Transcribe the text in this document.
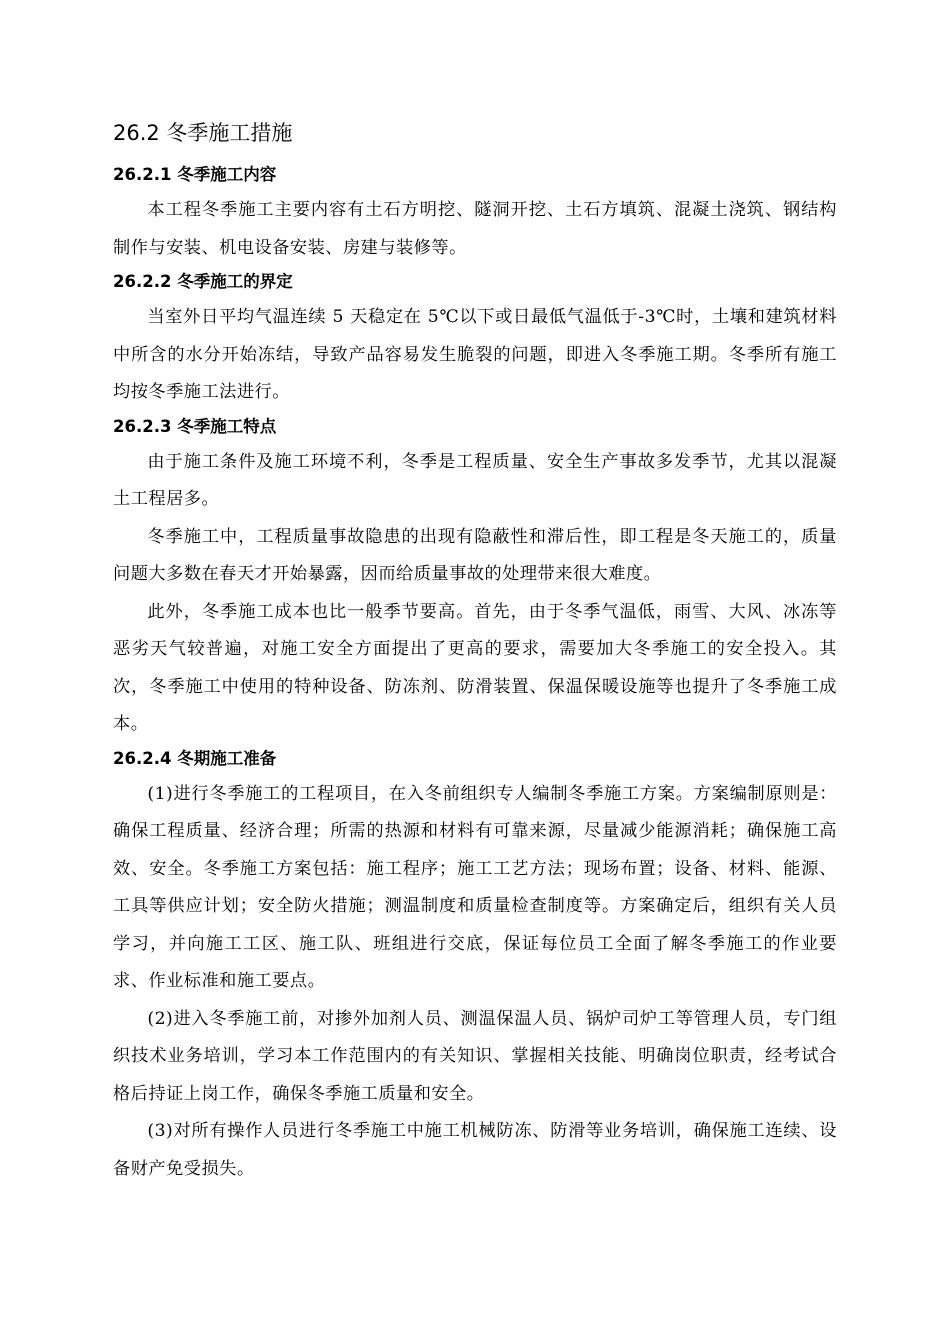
26.2 冬季施工措施
26.2.1 冬季施工内容

本工程冬季施工主要内容有土石方明挖、隧洞开挖、土石方填筑、混凝土浇筑、钢结构制作与安装、机电设备安装、房建与装修等。

26.2.2 冬季施工的界定

当室外日平均气温连续 5 天稳定在 5℃以下或日最低气温低于-3℃时，土壤和建筑材料中所含的水分开始冻结，导致产品容易发生脆裂的问题，即进入冬季施工期。冬季所有施工均按冬季施工法进行。

26.2.3 冬季施工特点

由于施工条件及施工环境不利，冬季是工程质量、安全生产事故多发季节，尤其以混凝土工程居多。

冬季施工中，工程质量事故隐患的出现有隐蔽性和滞后性，即工程是冬天施工的，质量问题大多数在春天才开始暴露，因而给质量事故的处理带来很大难度。

此外，冬季施工成本也比一般季节要高。首先，由于冬季气温低，雨雪、大风、冰冻等恶劣天气较普遍，对施工安全方面提出了更高的要求，需要加大冬季施工的安全投入。其次，冬季施工中使用的特种设备、防冻剂、防滑装置、保温保暖设施等也提升了冬季施工成本。

26.2.4 冬期施工准备

(1)进行冬季施工的工程项目，在入冬前组织专人编制冬季施工方案。方案编制原则是：确保工程质量、经济合理；所需的热源和材料有可靠来源，尽量减少能源消耗；确保施工高效、安全。冬季施工方案包括：施工程序；施工工艺方法；现场布置；设备、材料、能源、工具等供应计划；安全防火措施；测温制度和质量检查制度等。方案确定后，组织有关人员学习，并向施工工区、施工队、班组进行交底，保证每位员工全面了解冬季施工的作业要求、作业标准和施工要点。

(2)进入冬季施工前，对掺外加剂人员、测温保温人员、锅炉司炉工等管理人员，专门组织技术业务培训，学习本工作范围内的有关知识、掌握相关技能、明确岗位职责，经考试合格后持证上岗工作，确保冬季施工质量和安全。

(3)对所有操作人员进行冬季施工中施工机械防冻、防滑等业务培训，确保施工连续、设备财产免受损失。
